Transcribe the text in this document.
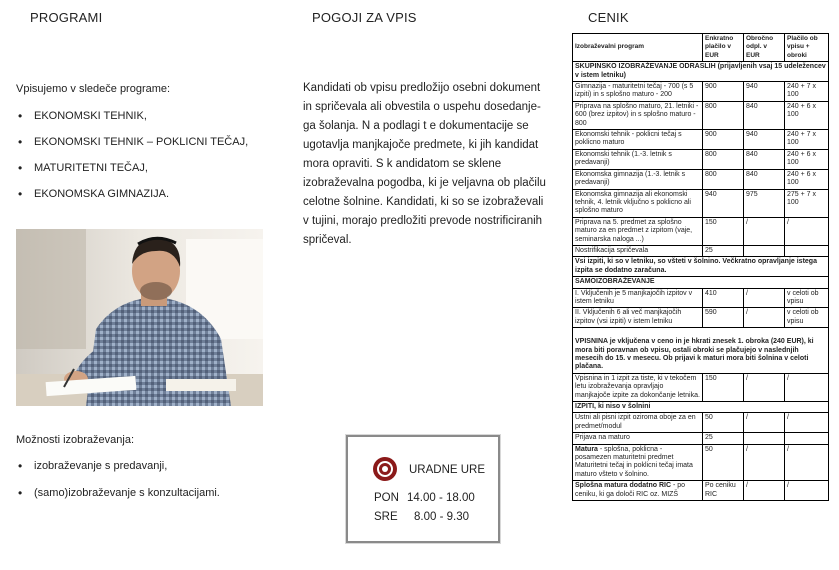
PROGRAMI	POGOJI ZA VPIS	CENIK
Vpisujemo v sledeče programe:
• EKONOMSKI TEHNIK,
• EKONOMSKI TEHNIK – POKLICNI TEČAJ,
• MATURITETNI TEČAJ,
• EKONOMSKA GIMNAZIJA.
Možnosti izobraževanja:
• izobraževanje s predavanji,
• (samo)izobraževanje s konzultacijami.
Kandidati ob vpisu predložijo osebni dokument
in spričevala ali obvestila o uspehu dosedanje-
ga šolanja. N a podlagi t e dokumentacije se
ugotavlja manjkajoče predmete, ki jih kandidat
mora opraviti. S k andidatom se sklene
izobraževalna pogodba, ki je veljavna ob plačilu
celotne šolnine. Kandidati, ki so se izobraževali
v tujini, morajo predložiti prevode nostrificiranih
spričeval.
URADNE URE
PON 14.00 - 18.00
SRE 8.00 - 9.30
Izobraževalni program	Enkratno plačilo v EUR	Obročno odpl. v EUR	Plačilo ob vpisu + obroki
SKUPINSKO IZOBRAŽEVANJE ODRASLIH (prijavljenih vsaj 15 udeležencev v istem letniku)			
Gimnazija - maturitetni tečaj - 700 (s 5 izpiti) in s splošno maturo - 200	900	940	240 + 7 x 100
Priprava na splošno maturo, 21. letniki - 600 (brez izpitov) in s splošno maturo - 800	800	840	240 + 6 x 100
Ekonomski tehnik - poklicni tečaj s poklicno maturo	900	940	240 + 7 x 100
Ekonomski tehnik (1.-3. letnik s predavanji)	800	840	240 + 6 x 100
Ekonomska gimnazija (1.-3. letnik s predavanji)	800	840	240 + 6 x 100
Ekonomska gimnazija ali ekonomski tehnik, 4. letnik vključno s poklicno ali splošno maturo	940	975	275 + 7 x 100
Priprava na 5. predmet za splošno maturo za en predmet z izpitom (vaje, seminarska naloga ...)	150	/	/
Nostrifikacija spričevala	25		
Vsi izpiti, ki so v letniku, so všteti v šolnino. Večkratno opravljanje istega izpita se dodatno zaračuna.			
SAMOIZOBRAŽEVANJE			
I. Vključenih je 5 manjkajočih izpitov v istem letniku	410	/	v celoti ob vpisu
II. Vključenih 6 ali več manjkajočih izpitov (vsi izpiti) v istem letniku	590	/	v celoti ob vpisu
VPISNINA je vključena v ceno in je hkrati znesek 1. obroka (240 EUR), ki mora biti poravnan ob vpisu, ostali obroki se plačujejo v naslednjih mesecih do 15. v mesecu. Ob prijavi k maturi mora biti šolnina v celoti plačana.			
Vpisnina in 1 izpit za tiste, ki v tekočem letu izobraževanja opravljajo manjkajoče izpite za dokončanje letnika.	150	/	/
IZPITI, ki niso v šolnini			
Ustni ali pisni izpit oziroma oboje za en predmet/modul	50	/	/
Prijava na maturo	25		
Matura - splošna, poklicna - posamezen maturitetni predmet Maturitetni tečaj in poklicni tečaj imata maturo všteto v šolnino.	50	/	/
Splošna matura dodatno RIC - po ceniku, ki ga določi RIC oz. MIZŠ	Po ceniku RIC	/	/
